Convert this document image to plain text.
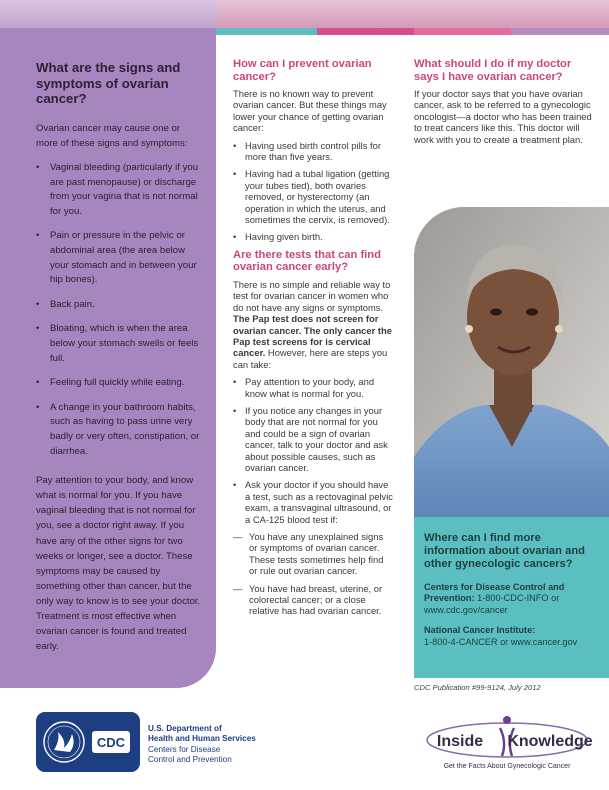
What are the signs and symptoms of ovarian cancer?

Ovarian cancer may cause one or more of these signs and symptoms:

• Vaginal bleeding (particularly if you are past menopause) or discharge from your vagina that is not normal for you.
• Pain or pressure in the pelvic or abdominal area (the area below your stomach and in between your hip bones).
• Back pain.
• Bloating, which is when the area below your stomach swells or feels full.
• Feeling full quickly while eating.
• A change in your bathroom habits, such as having to pass urine very badly or very often, constipation, or diarrhea.

Pay attention to your body, and know what is normal for you. If you have vaginal bleeding that is not normal for you, see a doctor right away. If you have any of the other signs for two weeks or longer, see a doctor. These symptoms may be caused by something other than cancer, but the only way to know is to see your doctor. Treatment is most effective when ovarian cancer is found and treated early.

How can I prevent ovarian cancer?

There is no known way to prevent ovarian cancer. But these things may lower your chance of getting ovarian cancer:

• Having used birth control pills for more than five years.
• Having had a tubal ligation (getting your tubes tied), both ovaries removed, or hysterectomy (an operation in which the uterus, and sometimes the cervix, is removed).
• Having given birth.
Are there tests that can find ovarian cancer early?

There is no simple and reliable way to test for ovarian cancer in women who do not have any signs or symptoms. The Pap test does not screen for ovarian cancer. The only cancer the Pap test screens for is cervical cancer. However, here are steps you can take:

• Pay attention to your body, and know what is normal for you.
• If you notice any changes in your body that are not normal for you and could be a sign of ovarian cancer, talk to your doctor and ask about possible causes, such as ovarian cancer.
• Ask your doctor if you should have a test, such as a rectovaginal pelvic exam, a transvaginal ultrasound, or a CA-125 blood test if:
— You have any unexplained signs or symptoms of ovarian cancer. These tests sometimes help find or rule out ovarian cancer.
— You have had breast, uterine, or colorectal cancer; or a close relative has had ovarian cancer.
What should I do if my doctor says I have ovarian cancer?

If your doctor says that you have ovarian cancer, ask to be referred to a gynecologic oncologist—a doctor who has been trained to treat cancers like this. This doctor will work with you to create a treatment plan.

Where can I find more information about ovarian and other gynecologic cancers?

Centers for Disease Control and Prevention: 1-800-CDC-INFO or www.cdc.gov/cancer

National Cancer Institute:
1-800-4-CANCER or www.cancer.gov

CDC Publication #99-9124, July 2012
CDC
U.S. Department of
Health and Human Services
Centers for Disease
Control and Prevention
Inside Knowledge
Get the Facts About Gynecologic Cancer
